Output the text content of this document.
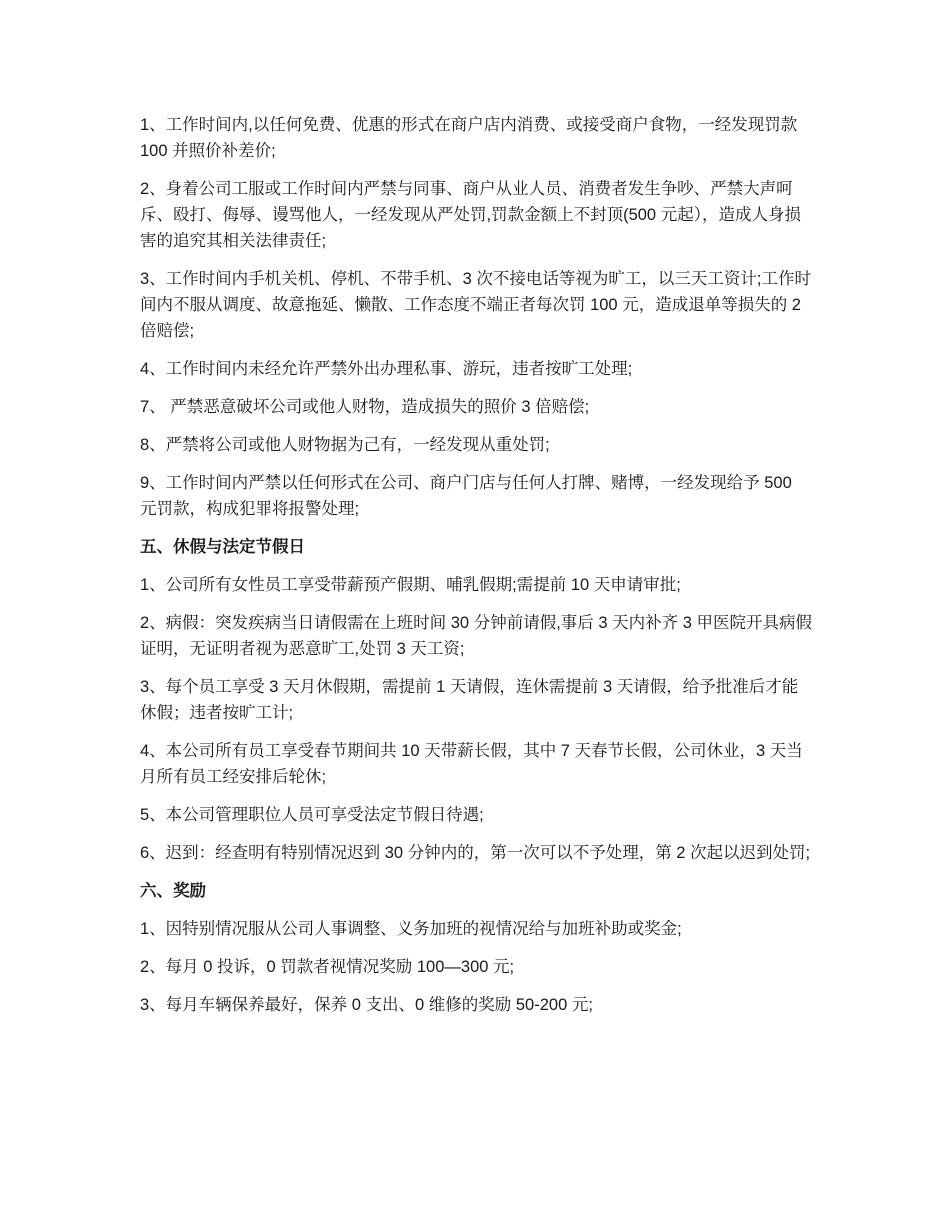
1、工作时间内,以任何免费、优惠的形式在商户店内消费、或接受商户食物，一经发现罚款 100 并照价补差价;

2、身着公司工服或工作时间内严禁与同事、商户从业人员、消费者发生争吵、严禁大声呵斥、殴打、侮辱、谩骂他人，一经发现从严处罚,罚款金额上不封顶(500 元起），造成人身损害的追究其相关法律责任;

3、工作时间内手机关机、停机、不带手机、3 次不接电话等视为旷工，以三天工资计;工作时间内不服从调度、故意拖延、懒散、工作态度不端正者每次罚 100 元，造成退单等损失的 2 倍赔偿;

4、工作时间内未经允许严禁外出办理私事、游玩，违者按旷工处理;

7、 严禁恶意破坏公司或他人财物，造成损失的照价 3 倍赔偿;

8、严禁将公司或他人财物据为己有，一经发现从重处罚;

9、工作时间内严禁以任何形式在公司、商户门店与任何人打牌、赌博，一经发现给予 500 元罚款，构成犯罪将报警处理;

五、休假与法定节假日

1、公司所有女性员工享受带薪预产假期、哺乳假期;需提前 10 天申请审批;

2、病假：突发疾病当日请假需在上班时间 30 分钟前请假,事后 3 天内补齐 3 甲医院开具病假证明，无证明者视为恶意旷工,处罚 3 天工资;

3、每个员工享受 3 天月休假期，需提前 1 天请假，连休需提前 3 天请假，给予批准后才能休假；违者按旷工计;

4、本公司所有员工享受春节期间共 10 天带薪长假，其中 7 天春节长假，公司休业，3 天当月所有员工经安排后轮休;

5、本公司管理职位人员可享受法定节假日待遇;

6、迟到：经查明有特别情况迟到 30 分钟内的，第一次可以不予处理，第 2 次起以迟到处罚;

六、奖励

1、因特别情况服从公司人事调整、义务加班的视情况给与加班补助或奖金;

2、每月 0 投诉，0 罚款者视情况奖励 100—300 元;

3、每月车辆保养最好，保养 0 支出、0 维修的奖励 50-200 元;
